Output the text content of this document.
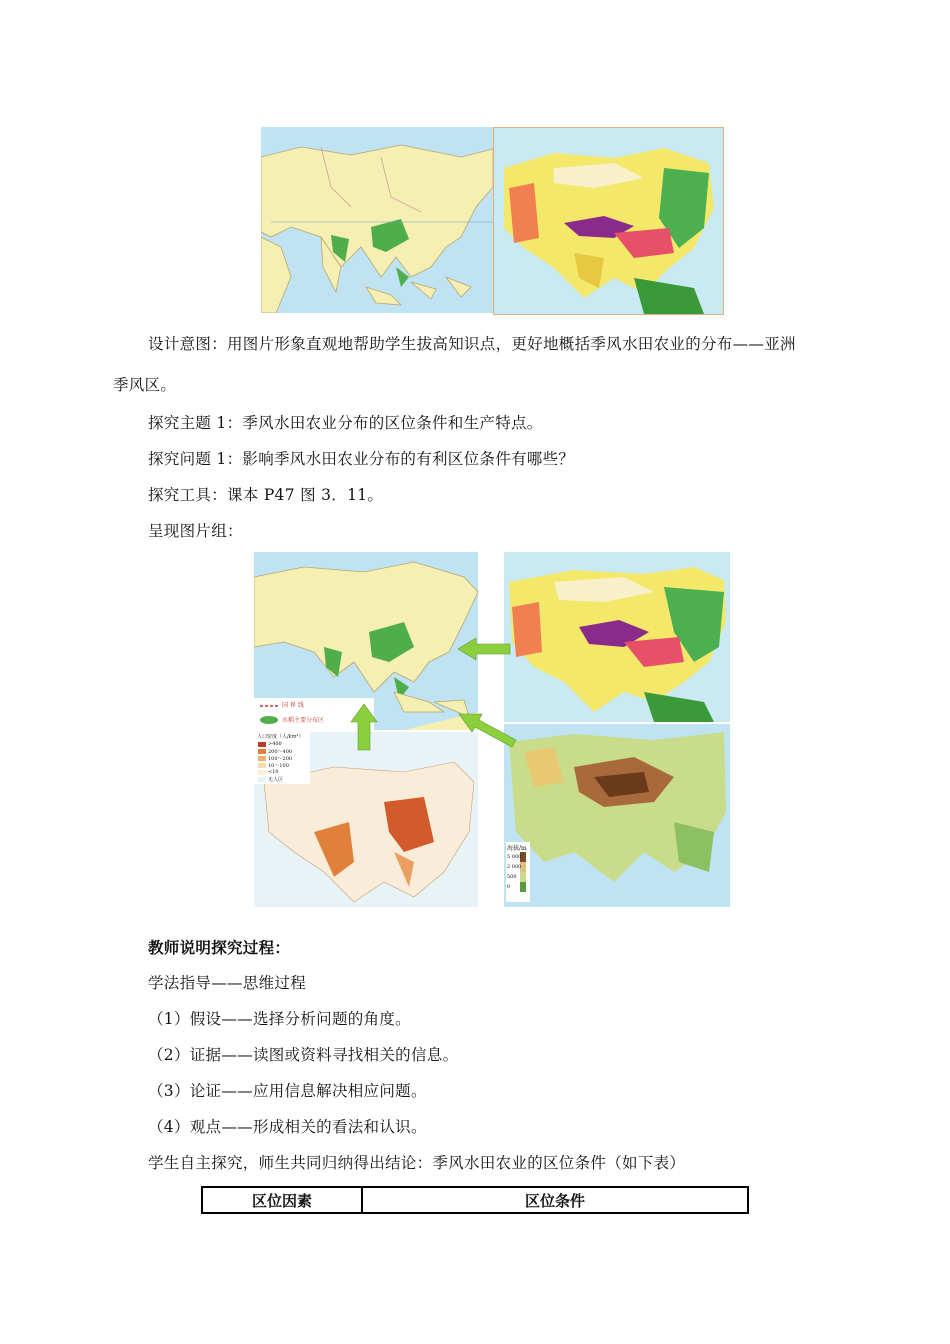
设计意图：用图片形象直观地帮助学生拔高知识点，更好地概括季风水田农业的分布——亚洲
季风区。
探究主题 1：季风水田农业分布的区位条件和生产特点。
探究问题 1：影响季风水田农业分布的有利区位条件有哪些？
探究工具：课本 P47 图 3．11。
呈现图片组：
国 界 线
水稻主要分布区
人口密度（人/km²）
>400
200～400
100～200
10～100
<10
无人区
海拔/m
5 000
2 000
500
0
教师说明探究过程：
学法指导——思维过程
（1）假设——选择分析问题的角度。
（2）证据——读图或资料寻找相关的信息。
（3）论证——应用信息解决相应问题。
（4）观点——形成相关的看法和认识。
学生自主探究，师生共同归纳得出结论：季风水田农业的区位条件（如下表）
区位因素	区位条件
